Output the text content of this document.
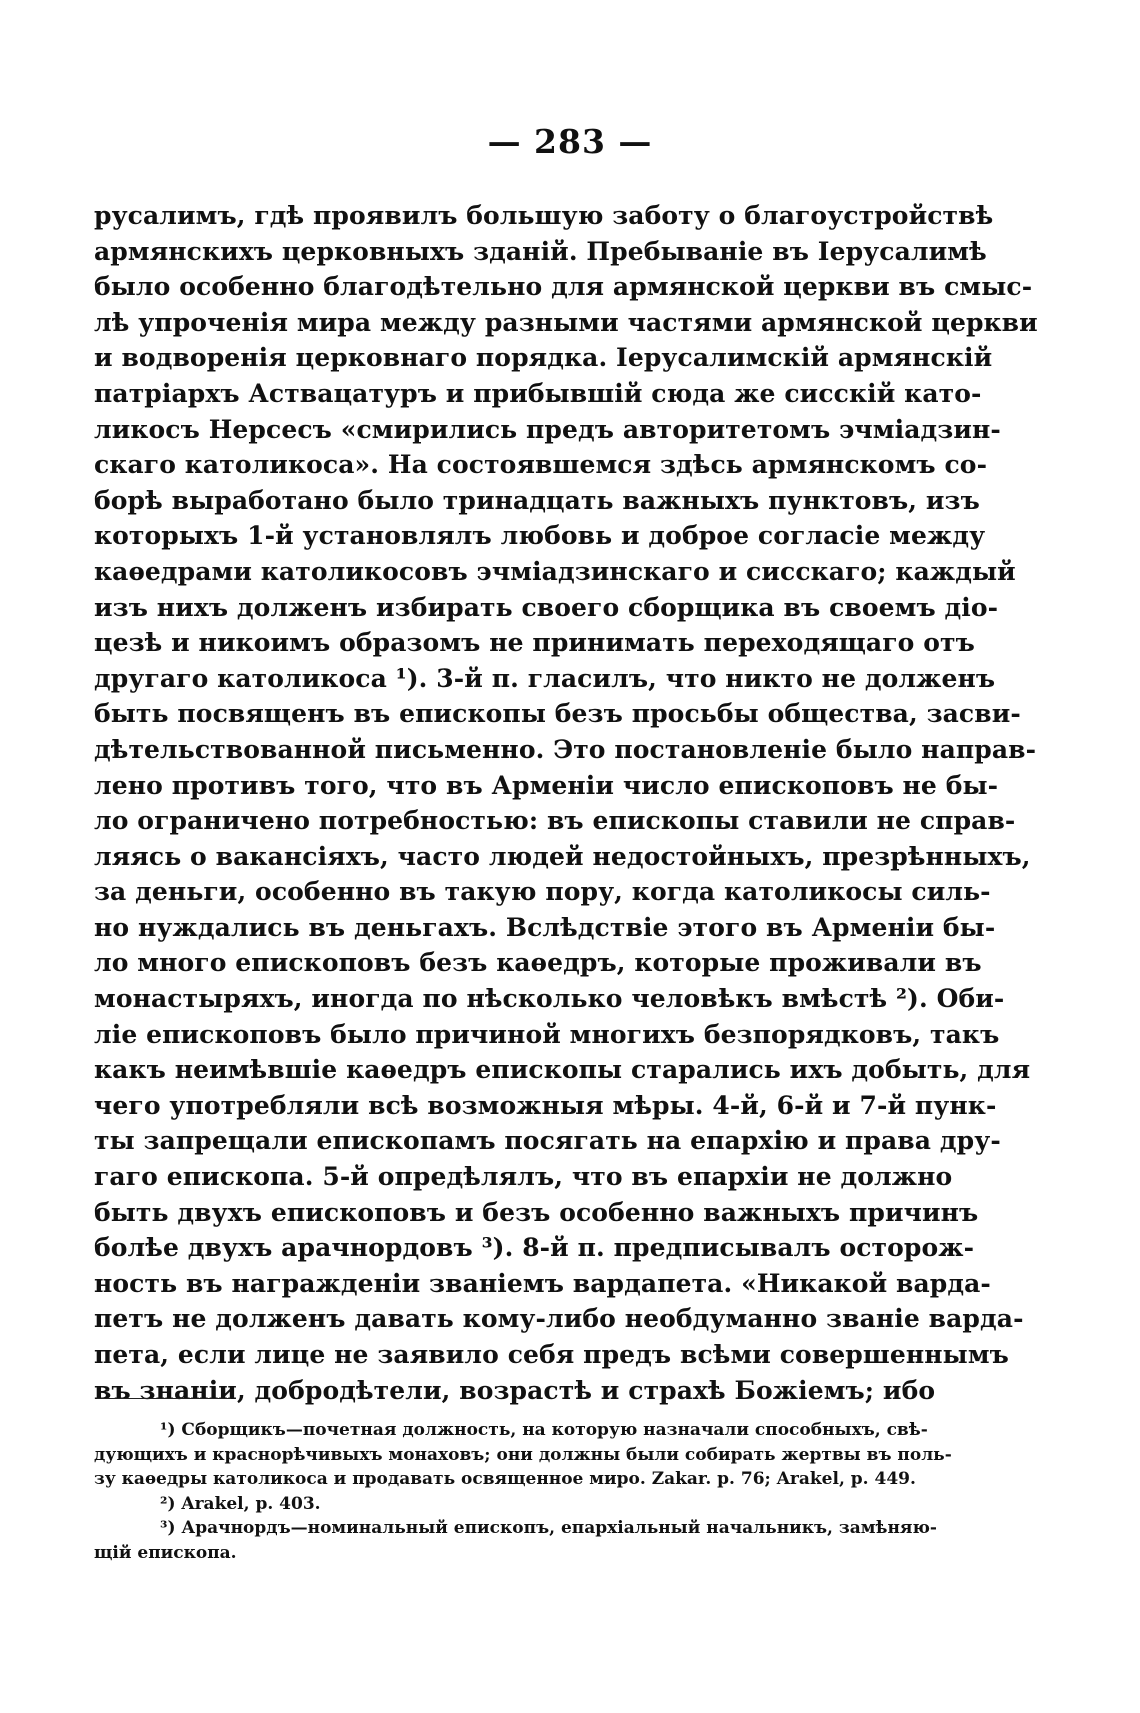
— 283 —
русалимъ, гдѣ проявилъ большую заботу о благоустройствѣ
армянскихъ церковныхъ зданій. Пребываніе въ Іерусалимѣ
было особенно благодѣтельно для армянской церкви въ смыс-
лѣ упроченія мира между разными частями армянской церкви
и водворенія церковнаго порядка. Іерусалимскій армянскій
патріархъ Аствацатуръ и прибывшій сюда же сисскій като-
ликосъ Нерсесъ «смирились предъ авторитетомъ эчміадзин-
скаго католикоса». На состоявшемся здѣсь армянскомъ со-
борѣ выработано было тринадцать важныхъ пунктовъ, изъ
которыхъ 1-й установлялъ любовь и доброе согласіе между
каѳедрами католикосовъ эчміадзинскаго и сисскаго; каждый
изъ нихъ долженъ избирать своего сборщика въ своемъ діо-
цезѣ и никоимъ образомъ не принимать переходящаго отъ
другаго католикоса ¹). 3-й п. гласилъ, что никто не долженъ
быть посвященъ въ епископы безъ просьбы общества, засви-
дѣтельствованной письменно. Это постановленіе было направ-
лено противъ того, что въ Арменіи число епископовъ не бы-
ло ограничено потребностью: въ епископы ставили не справ-
ляясь о вакансіяхъ, часто людей недостойныхъ, презрѣнныхъ,
за деньги, особенно въ такую пору, когда католикосы силь-
но нуждались въ деньгахъ. Вслѣдствіе этого въ Арменіи бы-
ло много епископовъ безъ каѳедръ, которые проживали въ
монастыряхъ, иногда по нѣсколько человѣкъ вмѣстѣ ²). Оби-
ліе епископовъ было причиной многихъ безпорядковъ, такъ
какъ неимѣвшіе каѳедръ епископы старались ихъ добыть, для
чего употребляли всѣ возможныя мѣры. 4-й, 6-й и 7-й пунк-
ты запрещали епископамъ посягать на епархію и права дру-
гаго епископа. 5-й опредѣлялъ, что въ епархіи не должно
быть двухъ епископовъ и безъ особенно важныхъ причинъ
болѣе двухъ арачнордовъ ³). 8-й п. предписывалъ осторож-
ность въ награжденіи званіемъ вардапета. «Никакой варда-
петъ не долженъ давать кому-либо необдуманно званіе варда-
пета, если лице не заявило себя предъ всѣми совершеннымъ
въ знаніи, добродѣтели, возрастѣ и страхѣ Божіемъ; ибо
¹) Сборщикъ—почетная должность, на которую назначали способныхъ, свѣ-
дующихъ и краснорѣчивыхъ монаховъ; они должны были собирать жертвы въ поль-
зу каѳедры католикоса и продавать освященное миро. Zakar. p. 76; Arakel, p. 449.
²) Arakel, p. 403.
³) Арачнордъ—номинальный епископъ, епархіальный начальникъ, замѣняю-
щій епископа.
